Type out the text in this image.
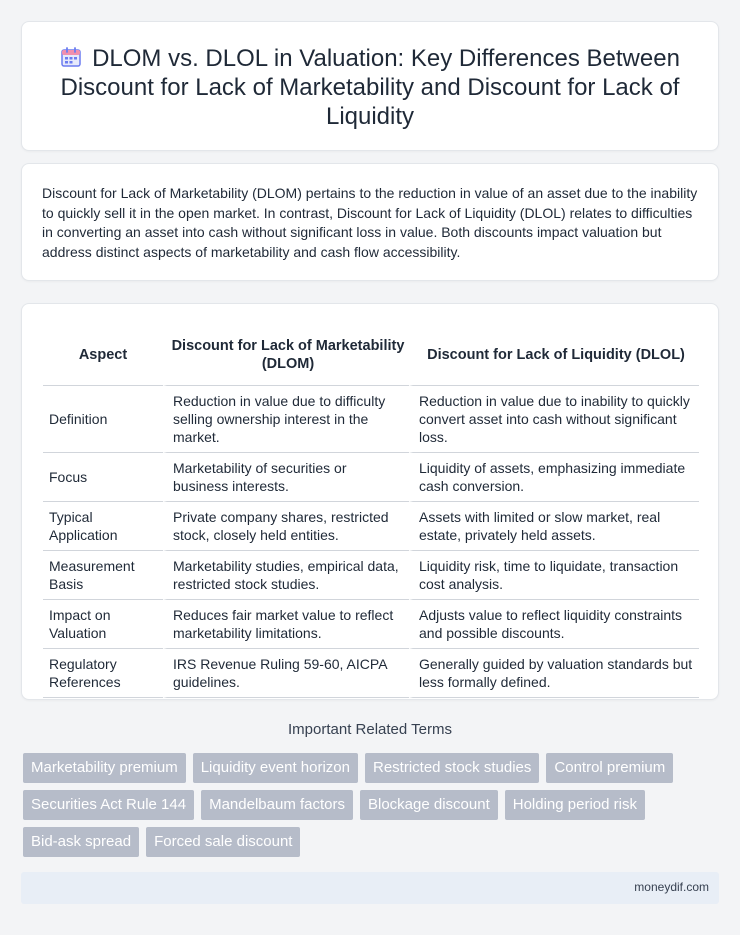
DLOM vs. DLOL in Valuation: Key Differences Between Discount for Lack of Marketability and Discount for Lack of Liquidity

Discount for Lack of Marketability (DLOM) pertains to the reduction in value of an asset due to the inability to quickly sell it in the open market. In contrast, Discount for Lack of Liquidity (DLOL) relates to difficulties in converting an asset into cash without significant loss in value. Both discounts impact valuation but address distinct aspects of marketability and cash flow accessibility.

Aspect	Discount for Lack of Marketability (DLOM)	Discount for Lack of Liquidity (DLOL)
Definition	Reduction in value due to difficulty selling ownership interest in the market.	Reduction in value due to inability to quickly convert asset into cash without significant loss.
Focus	Marketability of securities or business interests.	Liquidity of assets, emphasizing immediate cash conversion.
Typical Application	Private company shares, restricted stock, closely held entities.	Assets with limited or slow market, real estate, privately held assets.
Measurement Basis	Marketability studies, empirical data, restricted stock studies.	Liquidity risk, time to liquidate, transaction cost analysis.
Impact on Valuation	Reduces fair market value to reflect marketability limitations.	Adjusts value to reflect liquidity constraints and possible discounts.
Regulatory References	IRS Revenue Ruling 59-60, AICPA guidelines.	Generally guided by valuation standards but less formally defined.
Important Related Terms
Marketability premium	Liquidity event horizon	Restricted stock studies	Control premium
Securities Act Rule 144	Mandelbaum factors	Blockage discount	Holding period risk
Bid-ask spread	Forced sale discount
moneydif.com
